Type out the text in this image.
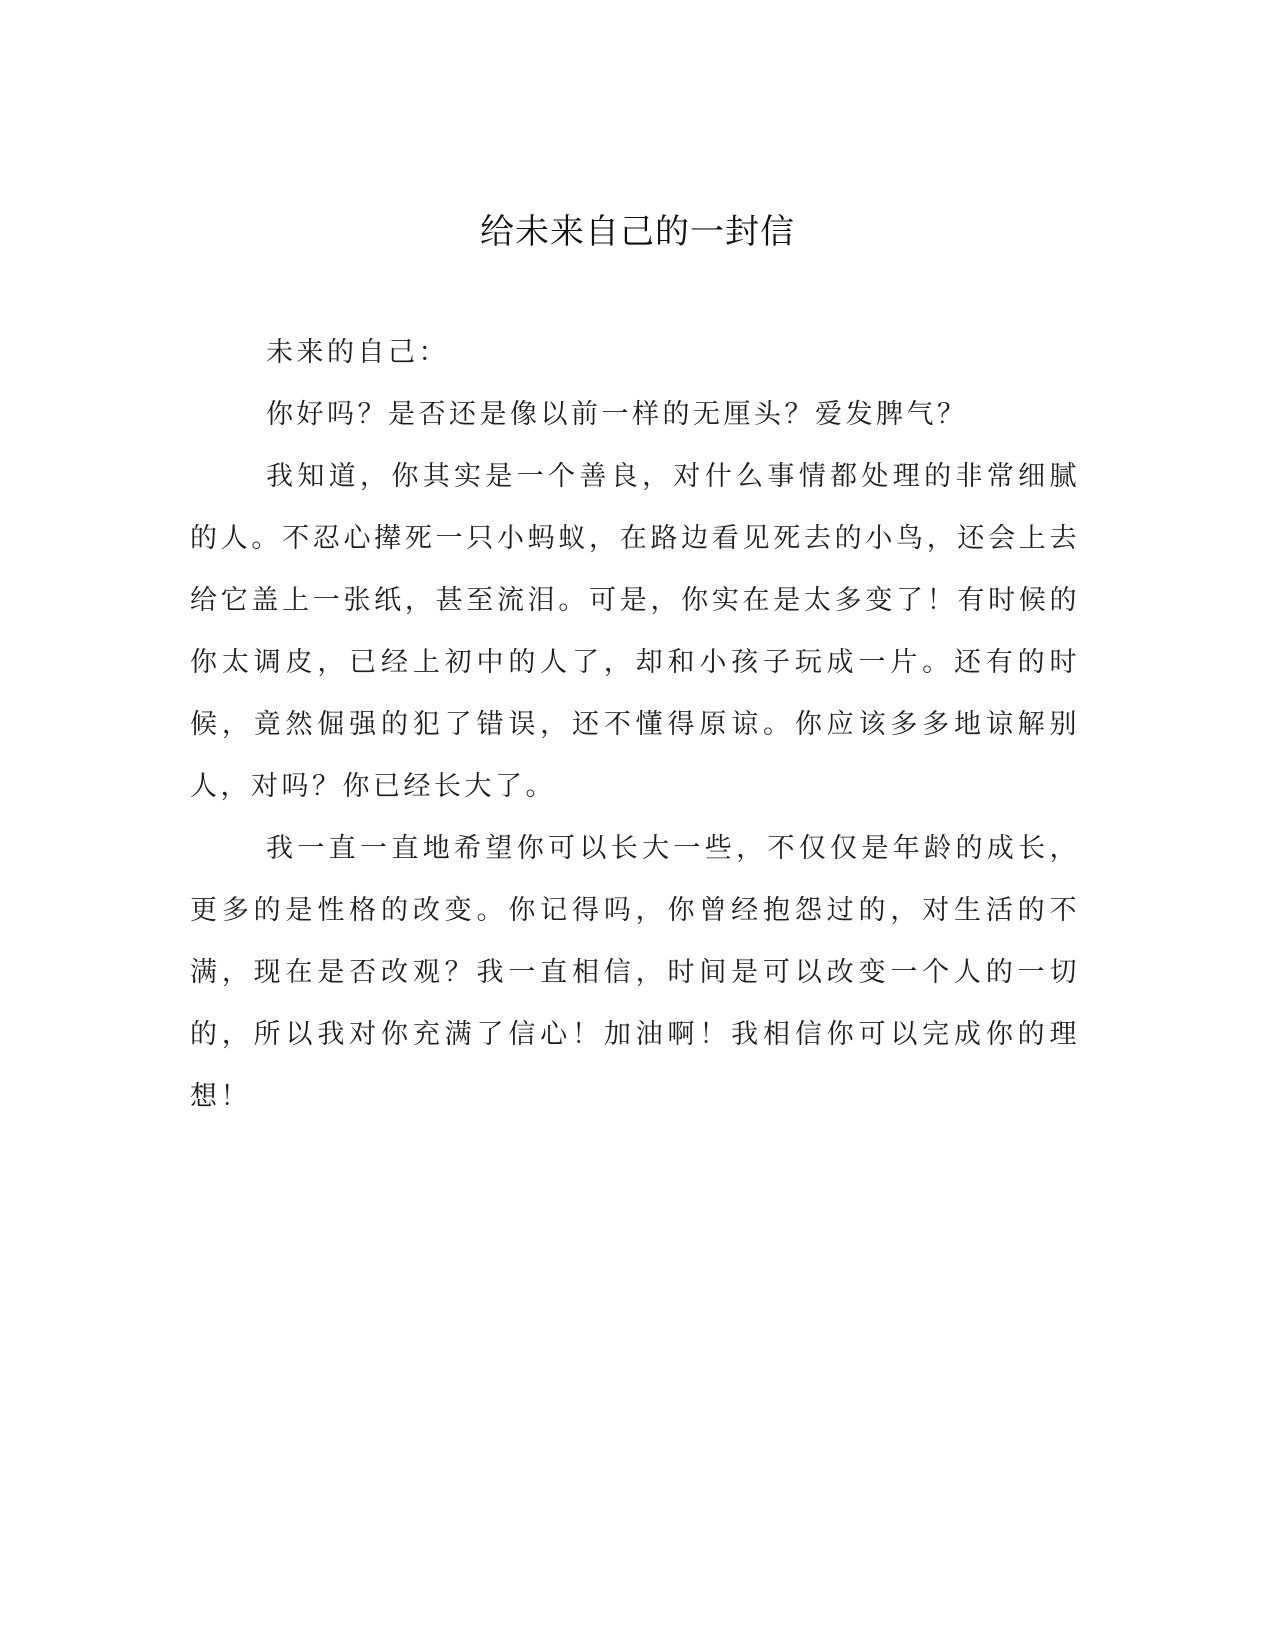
给未来自己的一封信

未来的自己：

你好吗？是否还是像以前一样的无厘头？爱发脾气？

我知道，你其实是一个善良，对什么事情都处理的非常细腻的人。不忍心撵死一只小蚂蚁，在路边看见死去的小鸟，还会上去给它盖上一张纸，甚至流泪。可是，你实在是太多变了！有时候的你太调皮，已经上初中的人了，却和小孩子玩成一片。还有的时候，竟然倔强的犯了错误，还不懂得原谅。你应该多多地谅解别人，对吗？你已经长大了。

我一直一直地希望你可以长大一些，不仅仅是年龄的成长，更多的是性格的改变。你记得吗，你曾经抱怨过的，对生活的不满，现在是否改观？我一直相信，时间是可以改变一个人的一切的，所以我对你充满了信心！加油啊！我相信你可以完成你的理想！
